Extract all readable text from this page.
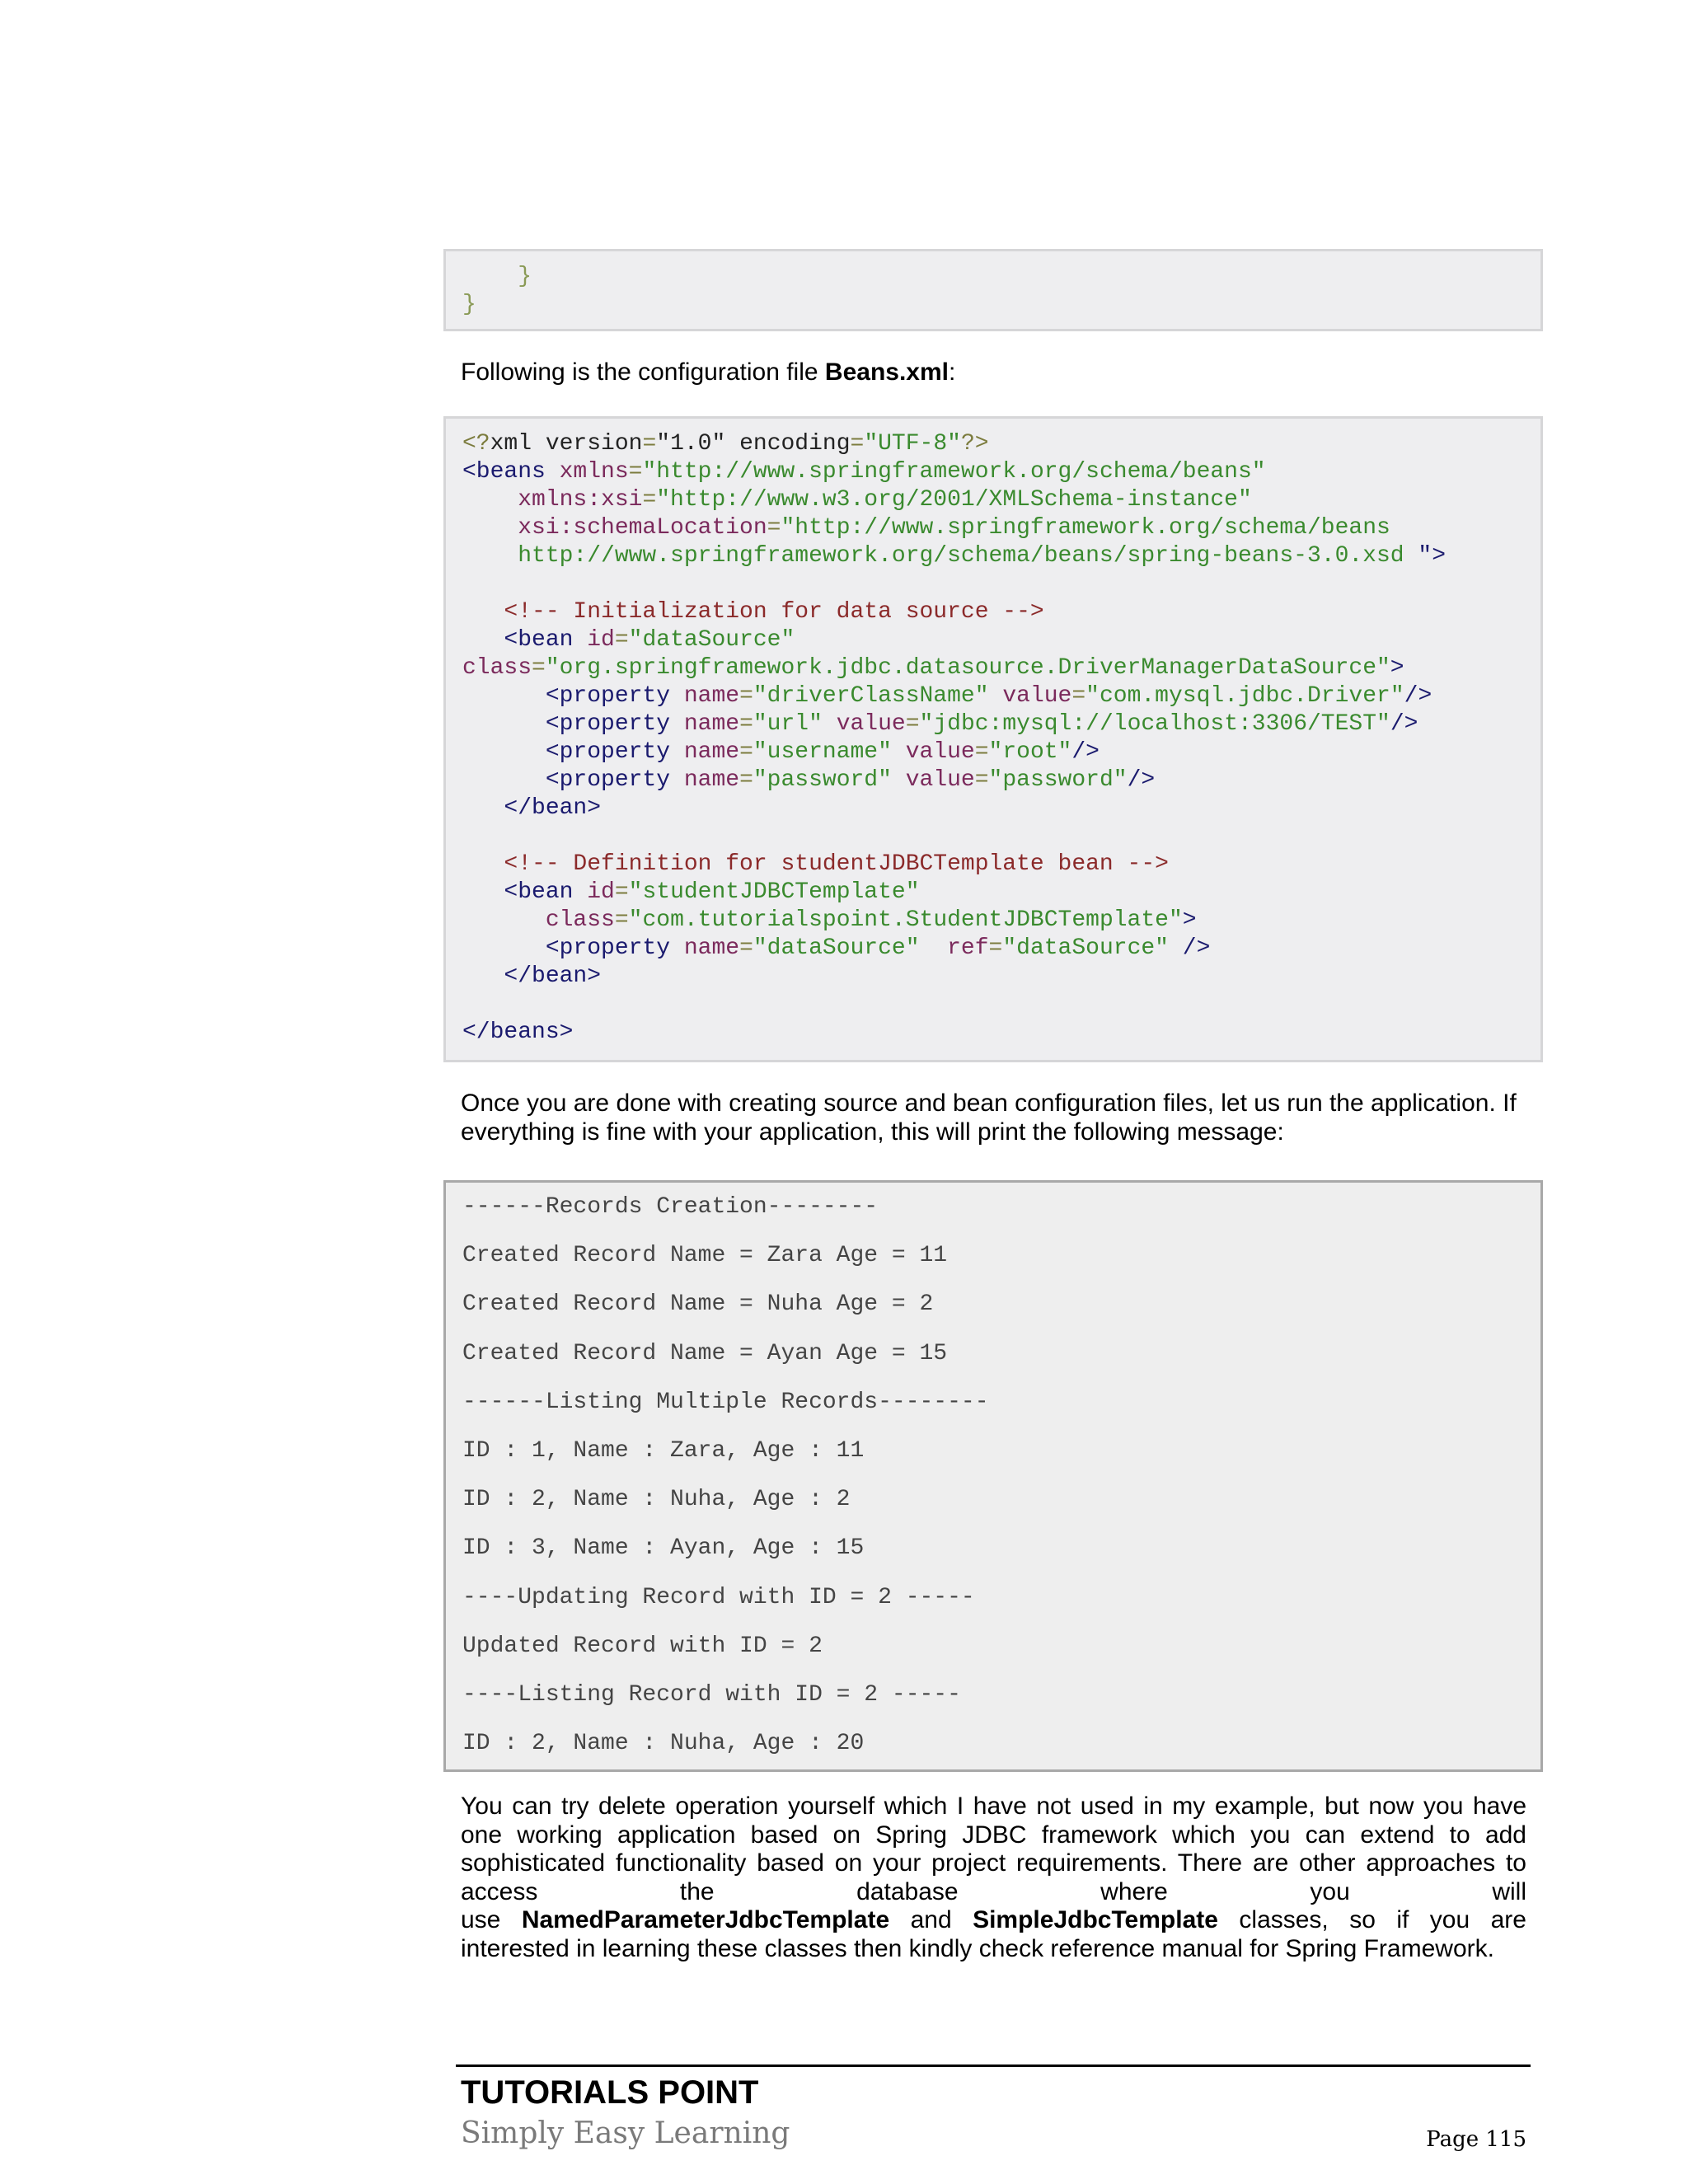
}
}
Following is the configuration file Beans.xml:
<?xml version="1.0" encoding="UTF-8"?>
<beans xmlns="http://www.springframework.org/schema/beans"
xmlns:xsi="http://www.w3.org/2001/XMLSchema-instance"
xsi:schemaLocation="http://www.springframework.org/schema/beans
http://www.springframework.org/schema/beans/spring-beans-3.0.xsd ">
<!-- Initialization for data source -->
<bean id="dataSource"
class="org.springframework.jdbc.datasource.DriverManagerDataSource">
<property name="driverClassName" value="com.mysql.jdbc.Driver"/>
<property name="url" value="jdbc:mysql://localhost:3306/TEST"/>
<property name="username" value="root"/>
<property name="password" value="password"/>
</bean>
<!-- Definition for studentJDBCTemplate bean -->
<bean id="studentJDBCTemplate"
class="com.tutorialspoint.StudentJDBCTemplate">
<property name="dataSource"  ref="dataSource" />
</bean>
</beans>
Once you are done with creating source and bean configuration files, let us run the application. If everything is fine with your application, this will print the following message:
------Records Creation--------
Created Record Name = Zara Age = 11
Created Record Name = Nuha Age = 2
Created Record Name = Ayan Age = 15
------Listing Multiple Records--------
ID : 1, Name : Zara, Age : 11
ID : 2, Name : Nuha, Age : 2
ID : 3, Name : Ayan, Age : 15
----Updating Record with ID = 2 -----
Updated Record with ID = 2
----Listing Record with ID = 2 -----
ID : 2, Name : Nuha, Age : 20
You can try delete operation yourself which I have not used in my example, but now you have
one working application based on Spring JDBC framework which you can extend to add
sophisticated functionality based on your project requirements. There are other approaches to
access the database where you will
use NamedParameterJdbcTemplate and SimpleJdbcTemplate classes, so if you are
interested in learning these classes then kindly check reference manual for Spring Framework.
TUTORIALS POINT
Simply Easy Learning	Page 115
